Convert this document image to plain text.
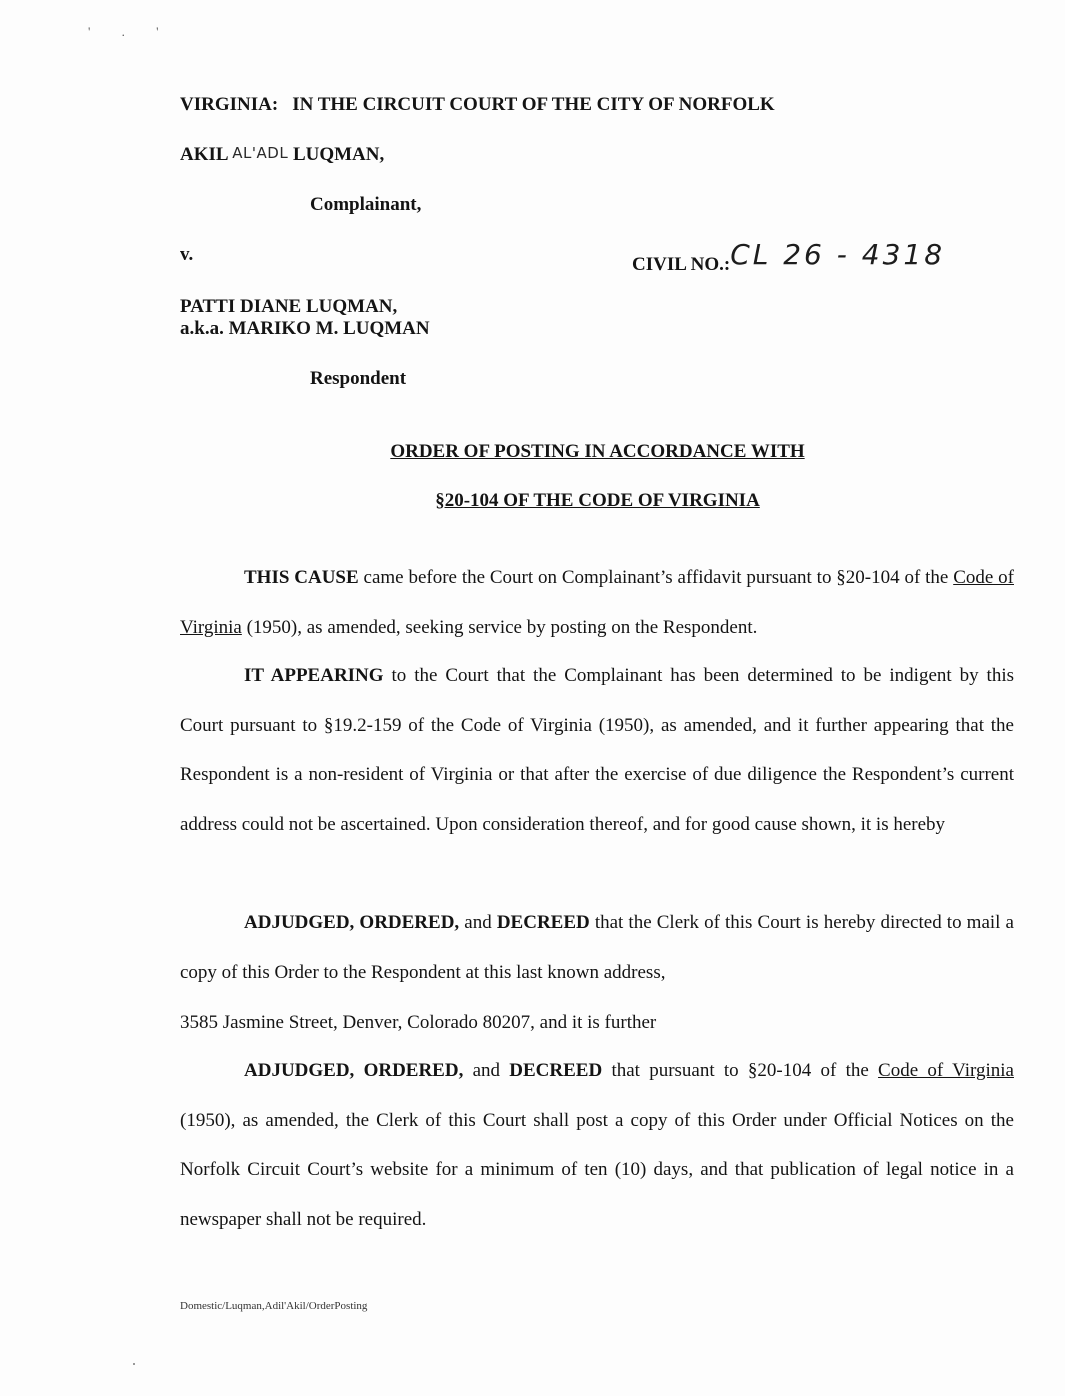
' . '
VIRGINIA: IN THE CIRCUIT COURT OF THE CITY OF NORFOLK
AKIL AL'ADL LUQMAN,
Complainant,
v.	CIVIL NO.:CL 26 - 4318
PATTI DIANE LUQMAN,
a.k.a. MARIKO M. LUQMAN
Respondent
ORDER OF POSTING IN ACCORDANCE WITH
§20-104 OF THE CODE OF VIRGINIA
THIS CAUSE came before the Court on Complainant’s affidavit pursuant to §20-104 of the Code of Virginia (1950), as amended, seeking service by posting on the Respondent.
IT APPEARING to the Court that the Complainant has been determined to be indigent by this Court pursuant to §19.2-159 of the Code of Virginia (1950), as amended, and it further appearing that the Respondent is a non-resident of Virginia or that after the exercise of due diligence the Respondent’s current address could not be ascertained. Upon consideration thereof, and for good cause shown, it is hereby
ADJUDGED, ORDERED, and DECREED that the Clerk of this Court is hereby directed to mail a copy of this Order to the Respondent at this last known address,
3585 Jasmine Street, Denver, Colorado 80207, and it is further
ADJUDGED, ORDERED, and DECREED that pursuant to §20-104 of the Code of Virginia (1950), as amended, the Clerk of this Court shall post a copy of this Order under Official Notices on the Norfolk Circuit Court’s website for a minimum of ten (10) days, and that publication of legal notice in a newspaper shall not be required.
Domestic/Luqman,Adil'Akil/OrderPosting
